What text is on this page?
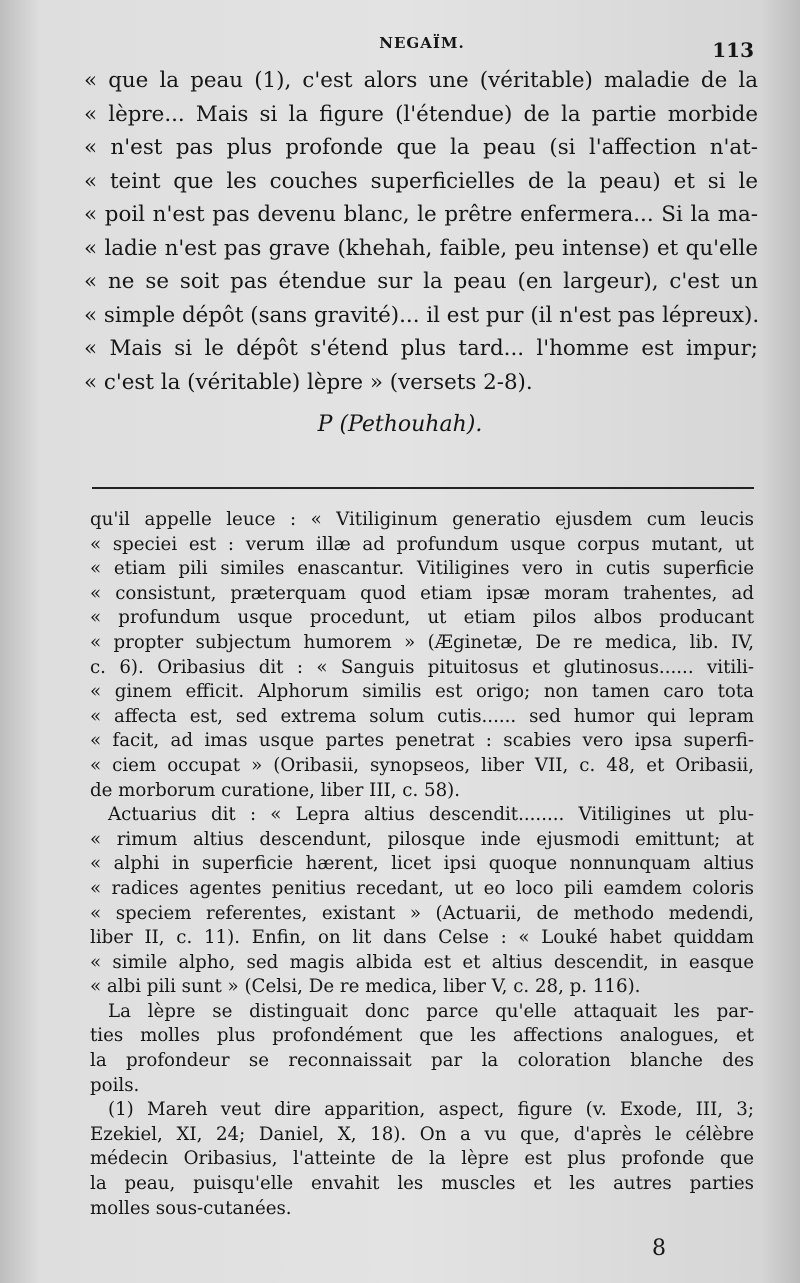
NEGAÏM.	113
« que la peau (1), c'est alors une (véritable) maladie de la
« lèpre... Mais si la figure (l'étendue) de la partie morbide
« n'est pas plus profonde que la peau (si l'affection n'at-
« teint que les couches superficielles de la peau) et si le
« poil n'est pas devenu blanc, le prêtre enfermera... Si la ma-
« ladie n'est pas grave (khehah, faible, peu intense) et qu'elle
« ne se soit pas étendue sur la peau (en largeur), c'est un
« simple dépôt (sans gravité)... il est pur (il n'est pas lépreux).
« Mais si le dépôt s'étend plus tard... l'homme est impur;
« c'est la (véritable) lèpre » (versets 2-8).
P (Pethouhah).
qu'il appelle leuce : « Vitiliginum generatio ejusdem cum leucis
« speciei est : verum illæ ad profundum usque corpus mutant, ut
« etiam pili similes enascantur. Vitiligines vero in cutis superficie
« consistunt, præterquam quod etiam ipsæ moram trahentes, ad
« profundum usque procedunt, ut etiam pilos albos producant
« propter subjectum humorem » (Æginetæ, De re medica, lib. IV,
c. 6). Oribasius dit : « Sanguis pituitosus et glutinosus...... vitili-
« ginem efficit. Alphorum similis est origo; non tamen caro tota
« affecta est, sed extrema solum cutis...... sed humor qui lepram
« facit, ad imas usque partes penetrat : scabies vero ipsa superfi-
« ciem occupat » (Oribasii, synopseos, liber VII, c. 48, et Oribasii,
de morborum curatione, liber III, c. 58).
Actuarius dit : « Lepra altius descendit........ Vitiligines ut plu-
« rimum altius descendunt, pilosque inde ejusmodi emittunt; at
« alphi in superficie hærent, licet ipsi quoque nonnunquam altius
« radices agentes penitius recedant, ut eo loco pili eamdem coloris
« speciem referentes, existant » (Actuarii, de methodo medendi,
liber II, c. 11). Enfin, on lit dans Celse : « Louké habet quiddam
« simile alpho, sed magis albida est et altius descendit, in easque
« albi pili sunt » (Celsi, De re medica, liber V, c. 28, p. 116).
La lèpre se distinguait donc parce qu'elle attaquait les par-
ties molles plus profondément que les affections analogues, et
la profondeur se reconnaissait par la coloration blanche des
poils.
(1) Mareh veut dire apparition, aspect, figure (v. Exode, III, 3;
Ezekiel, XI, 24; Daniel, X, 18). On a vu que, d'après le célèbre
médecin Oribasius, l'atteinte de la lèpre est plus profonde que
la peau, puisqu'elle envahit les muscles et les autres parties
molles sous-cutanées.
8
